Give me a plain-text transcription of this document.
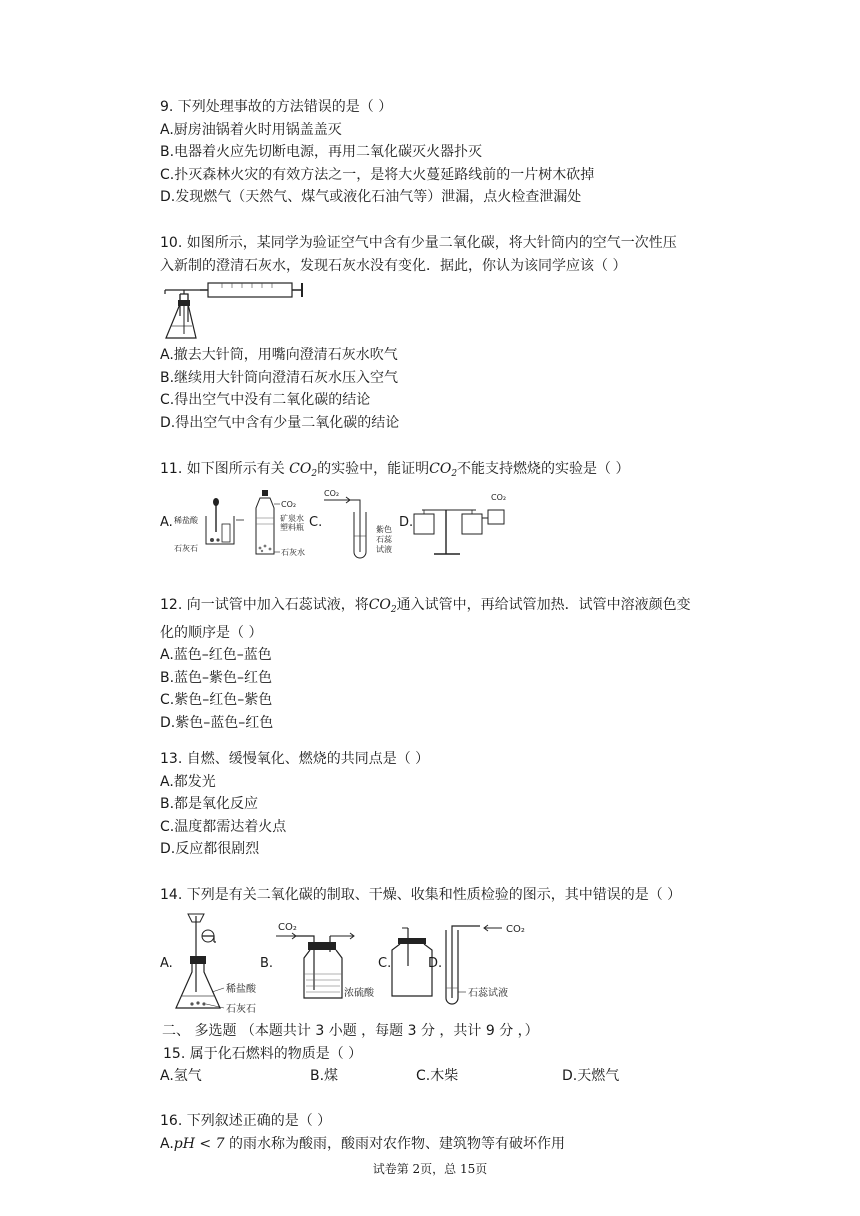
9. 下列处理事故的方法错误的是（ ）

A.厨房油锅着火时用锅盖盖灭

B.电器着火应先切断电源，再用二氧化碳灭火器扑灭

C.扑灭森林火灾的有效方法之一，是将大火蔓延路线前的一片树木砍掉

D.发现燃气（天然气、煤气或液化石油气等）泄漏，点火检查泄漏处

10. 如图所示，某同学为验证空气中含有少量二氧化碳，将大针筒内的空气一次性压

入新制的澄清石灰水，发现石灰水没有变化．据此，你认为该同学应该（ ）

A.撤去大针筒，用嘴向澄清石灰水吹气

B.继续用大针筒向澄清石灰水压入空气

C.得出空气中没有二氧化碳的结论

D.得出空气中含有少量二氧化碳的结论

11. 如下图所示有关 $CO_2$的实验中，能证明$CO_2$不能支持燃烧的实验是（ ）

A. 稀盐酸
石灰石
CO₂
矿泉水
塑料瓶
石灰水
C.
CO₂
紫色
石蕊
试液
D.
CO₂

12. 向一试管中加入石蕊试液，将$CO_2$通入试管中，再给试管加热．试管中溶液颜色变

化的顺序是（ ）

A.蓝色–红色–蓝色

B.蓝色–紫色–红色

C.紫色–红色–紫色

D.紫色–蓝色–红色

13. 自燃、缓慢氧化、燃烧的共同点是（ ）

A.都发光

B.都是氧化反应

C.温度都需达着火点

D.反应都很剧烈

14. 下列是有关二氧化碳的制取、干燥、收集和性质检验的图示，其中错误的是（ ）

A.
稀盐酸
石灰石
B.
CO₂
浓硫酸
C.	D.
CO₂
石蕊试液

二、 多选题 （本题共计 3 小题 ，每题 3 分 ，共计 9 分 ，）

15. 属于化石燃料的物质是（ ）

A.氢气	B.煤	C.木柴	D.天燃气

16. 下列叙述正确的是（ ）

A.pH < 7 的雨水称为酸雨，酸雨对农作物、建筑物等有破坏作用

试卷第 2页，总 15页
